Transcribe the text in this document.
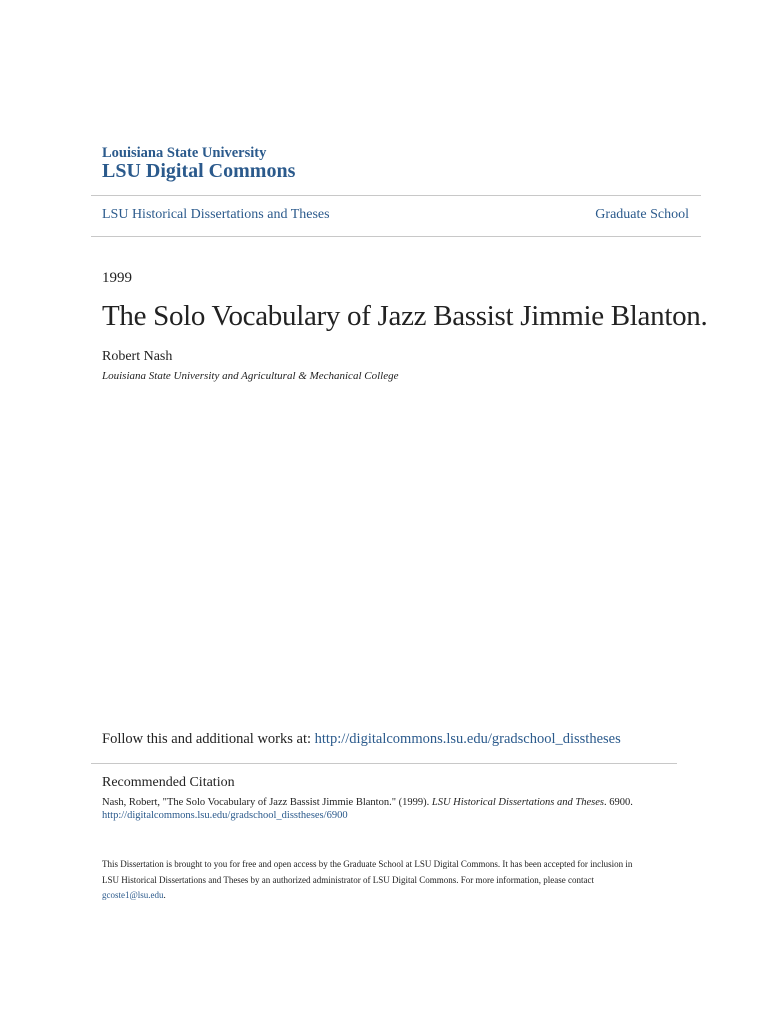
Louisiana State University
LSU Digital Commons
LSU Historical Dissertations and Theses	Graduate School
1999
The Solo Vocabulary of Jazz Bassist Jimmie Blanton.
Robert Nash
Louisiana State University and Agricultural & Mechanical College
Follow this and additional works at: http://digitalcommons.lsu.edu/gradschool_disstheses
Recommended Citation
Nash, Robert, "The Solo Vocabulary of Jazz Bassist Jimmie Blanton." (1999). LSU Historical Dissertations and Theses. 6900.
http://digitalcommons.lsu.edu/gradschool_disstheses/6900
This Dissertation is brought to you for free and open access by the Graduate School at LSU Digital Commons. It has been accepted for inclusion in
LSU Historical Dissertations and Theses by an authorized administrator of LSU Digital Commons. For more information, please contact
gcoste1@lsu.edu.
